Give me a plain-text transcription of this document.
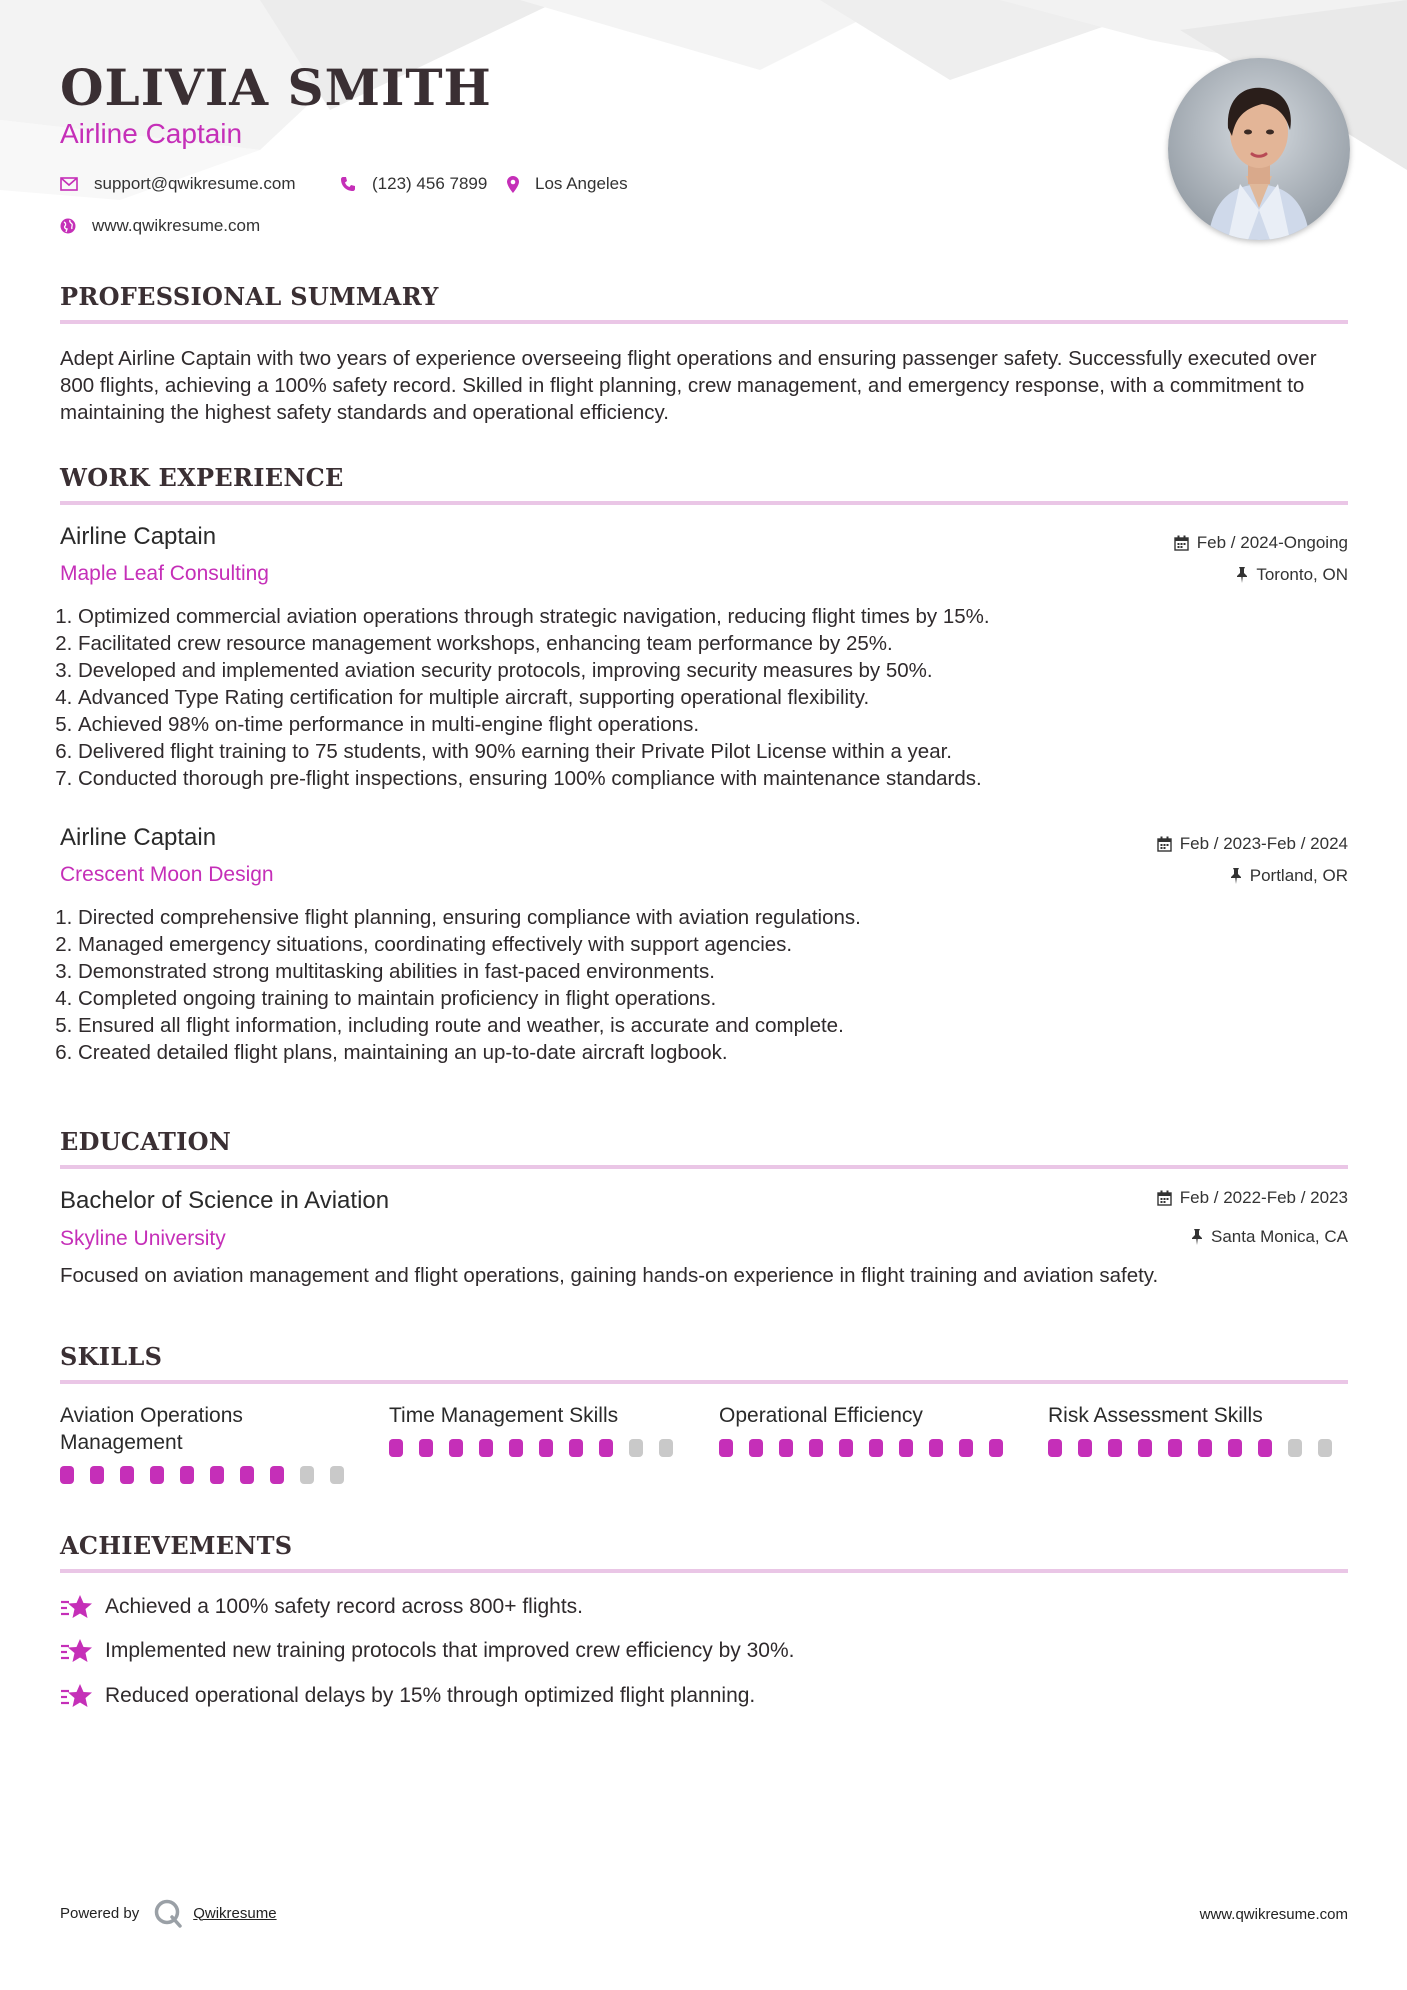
OLIVIA SMITH
Airline Captain
support@qwikresume.com	(123) 456 7899	Los Angeles
www.qwikresume.com
PROFESSIONAL SUMMARY
Adept Airline Captain with two years of experience overseeing flight operations and ensuring passenger safety. Successfully executed over 800 flights, achieving a 100% safety record. Skilled in flight planning, crew management, and emergency response, with a commitment to maintaining the highest safety standards and operational efficiency.
WORK EXPERIENCE
Airline Captain
Maple Leaf Consulting
Feb / 2024-Ongoing
Toronto, ON
1. Optimized commercial aviation operations through strategic navigation, reducing flight times by 15%.
2. Facilitated crew resource management workshops, enhancing team performance by 25%.
3. Developed and implemented aviation security protocols, improving security measures by 50%.
4. Advanced Type Rating certification for multiple aircraft, supporting operational flexibility.
5. Achieved 98% on-time performance in multi-engine flight operations.
6. Delivered flight training to 75 students, with 90% earning their Private Pilot License within a year.
7. Conducted thorough pre-flight inspections, ensuring 100% compliance with maintenance standards.
Airline Captain
Crescent Moon Design
Feb / 2023-Feb / 2024
Portland, OR
1. Directed comprehensive flight planning, ensuring compliance with aviation regulations.
2. Managed emergency situations, coordinating effectively with support agencies.
3. Demonstrated strong multitasking abilities in fast-paced environments.
4. Completed ongoing training to maintain proficiency in flight operations.
5. Ensured all flight information, including route and weather, is accurate and complete.
6. Created detailed flight plans, maintaining an up-to-date aircraft logbook.
EDUCATION
Bachelor of Science in Aviation
Skyline University
Feb / 2022-Feb / 2023
Santa Monica, CA
Focused on aviation management and flight operations, gaining hands-on experience in flight training and aviation safety.
SKILLS
Aviation Operations Management
Time Management Skills	Operational Efficiency	Risk Assessment Skills
ACHIEVEMENTS
Achieved a 100% safety record across 800+ flights.
Implemented new training protocols that improved crew efficiency by 30%.
Reduced operational delays by 15% through optimized flight planning.
Powered by	Qwikresume	www.qwikresume.com
